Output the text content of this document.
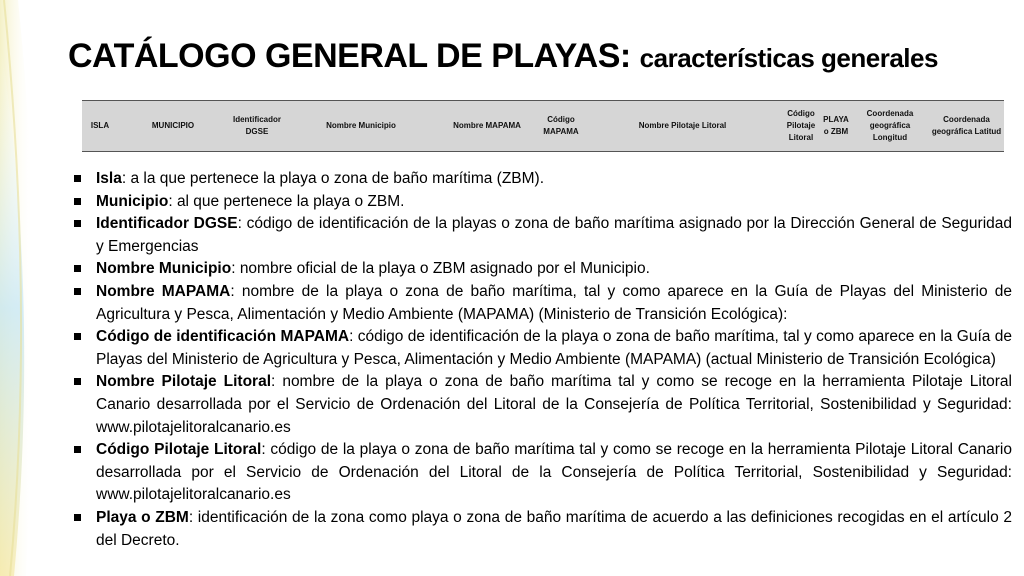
CATÁLOGO GENERAL DE PLAYAS: características generales
ISLA	MUNICIPIO	Identificador DGSE	Nombre Municipio	Nombre MAPAMA	Código MAPAMA	Nombre Pilotaje Litoral	Código Pilotaje Litoral	PLAYA o ZBM	Coordenada geográfica Longitud	Coordenada geográfica Latitud
Isla: a la que pertenece la playa o zona de baño marítima (ZBM).
Municipio: al que pertenece la playa o ZBM.
Identificador DGSE: código de identificación de la playas o zona de baño marítima asignado por la Dirección General de Seguridad y Emergencias
Nombre Municipio: nombre oficial de la playa o ZBM asignado por el Municipio.
Nombre MAPAMA: nombre de la playa o zona de baño marítima, tal y como aparece en la Guía de Playas del Ministerio de Agricultura y Pesca, Alimentación y Medio Ambiente (MAPAMA) (Ministerio de Transición Ecológica):
Código de identificación MAPAMA: código de identificación de la playa o zona de baño marítima, tal y como aparece en la Guía de Playas del Ministerio de Agricultura y Pesca, Alimentación y Medio Ambiente (MAPAMA) (actual Ministerio de Transición Ecológica)
Nombre Pilotaje Litoral: nombre de la playa o zona de baño marítima tal y como se recoge en la herramienta Pilotaje Litoral Canario desarrollada por el Servicio de Ordenación del Litoral de la Consejería de Política Territorial, Sostenibilidad y Seguridad: www.pilotajelitoralcanario.es
Código Pilotaje Litoral: código de la playa o zona de baño marítima tal y como se recoge en la herramienta Pilotaje Litoral Canario desarrollada por el Servicio de Ordenación del Litoral de la Consejería de Política Territorial, Sostenibilidad y Seguridad: www.pilotajelitoralcanario.es
Playa o ZBM: identificación de la zona como playa o zona de baño marítima de acuerdo a las definiciones recogidas en el artículo 2 del Decreto.
